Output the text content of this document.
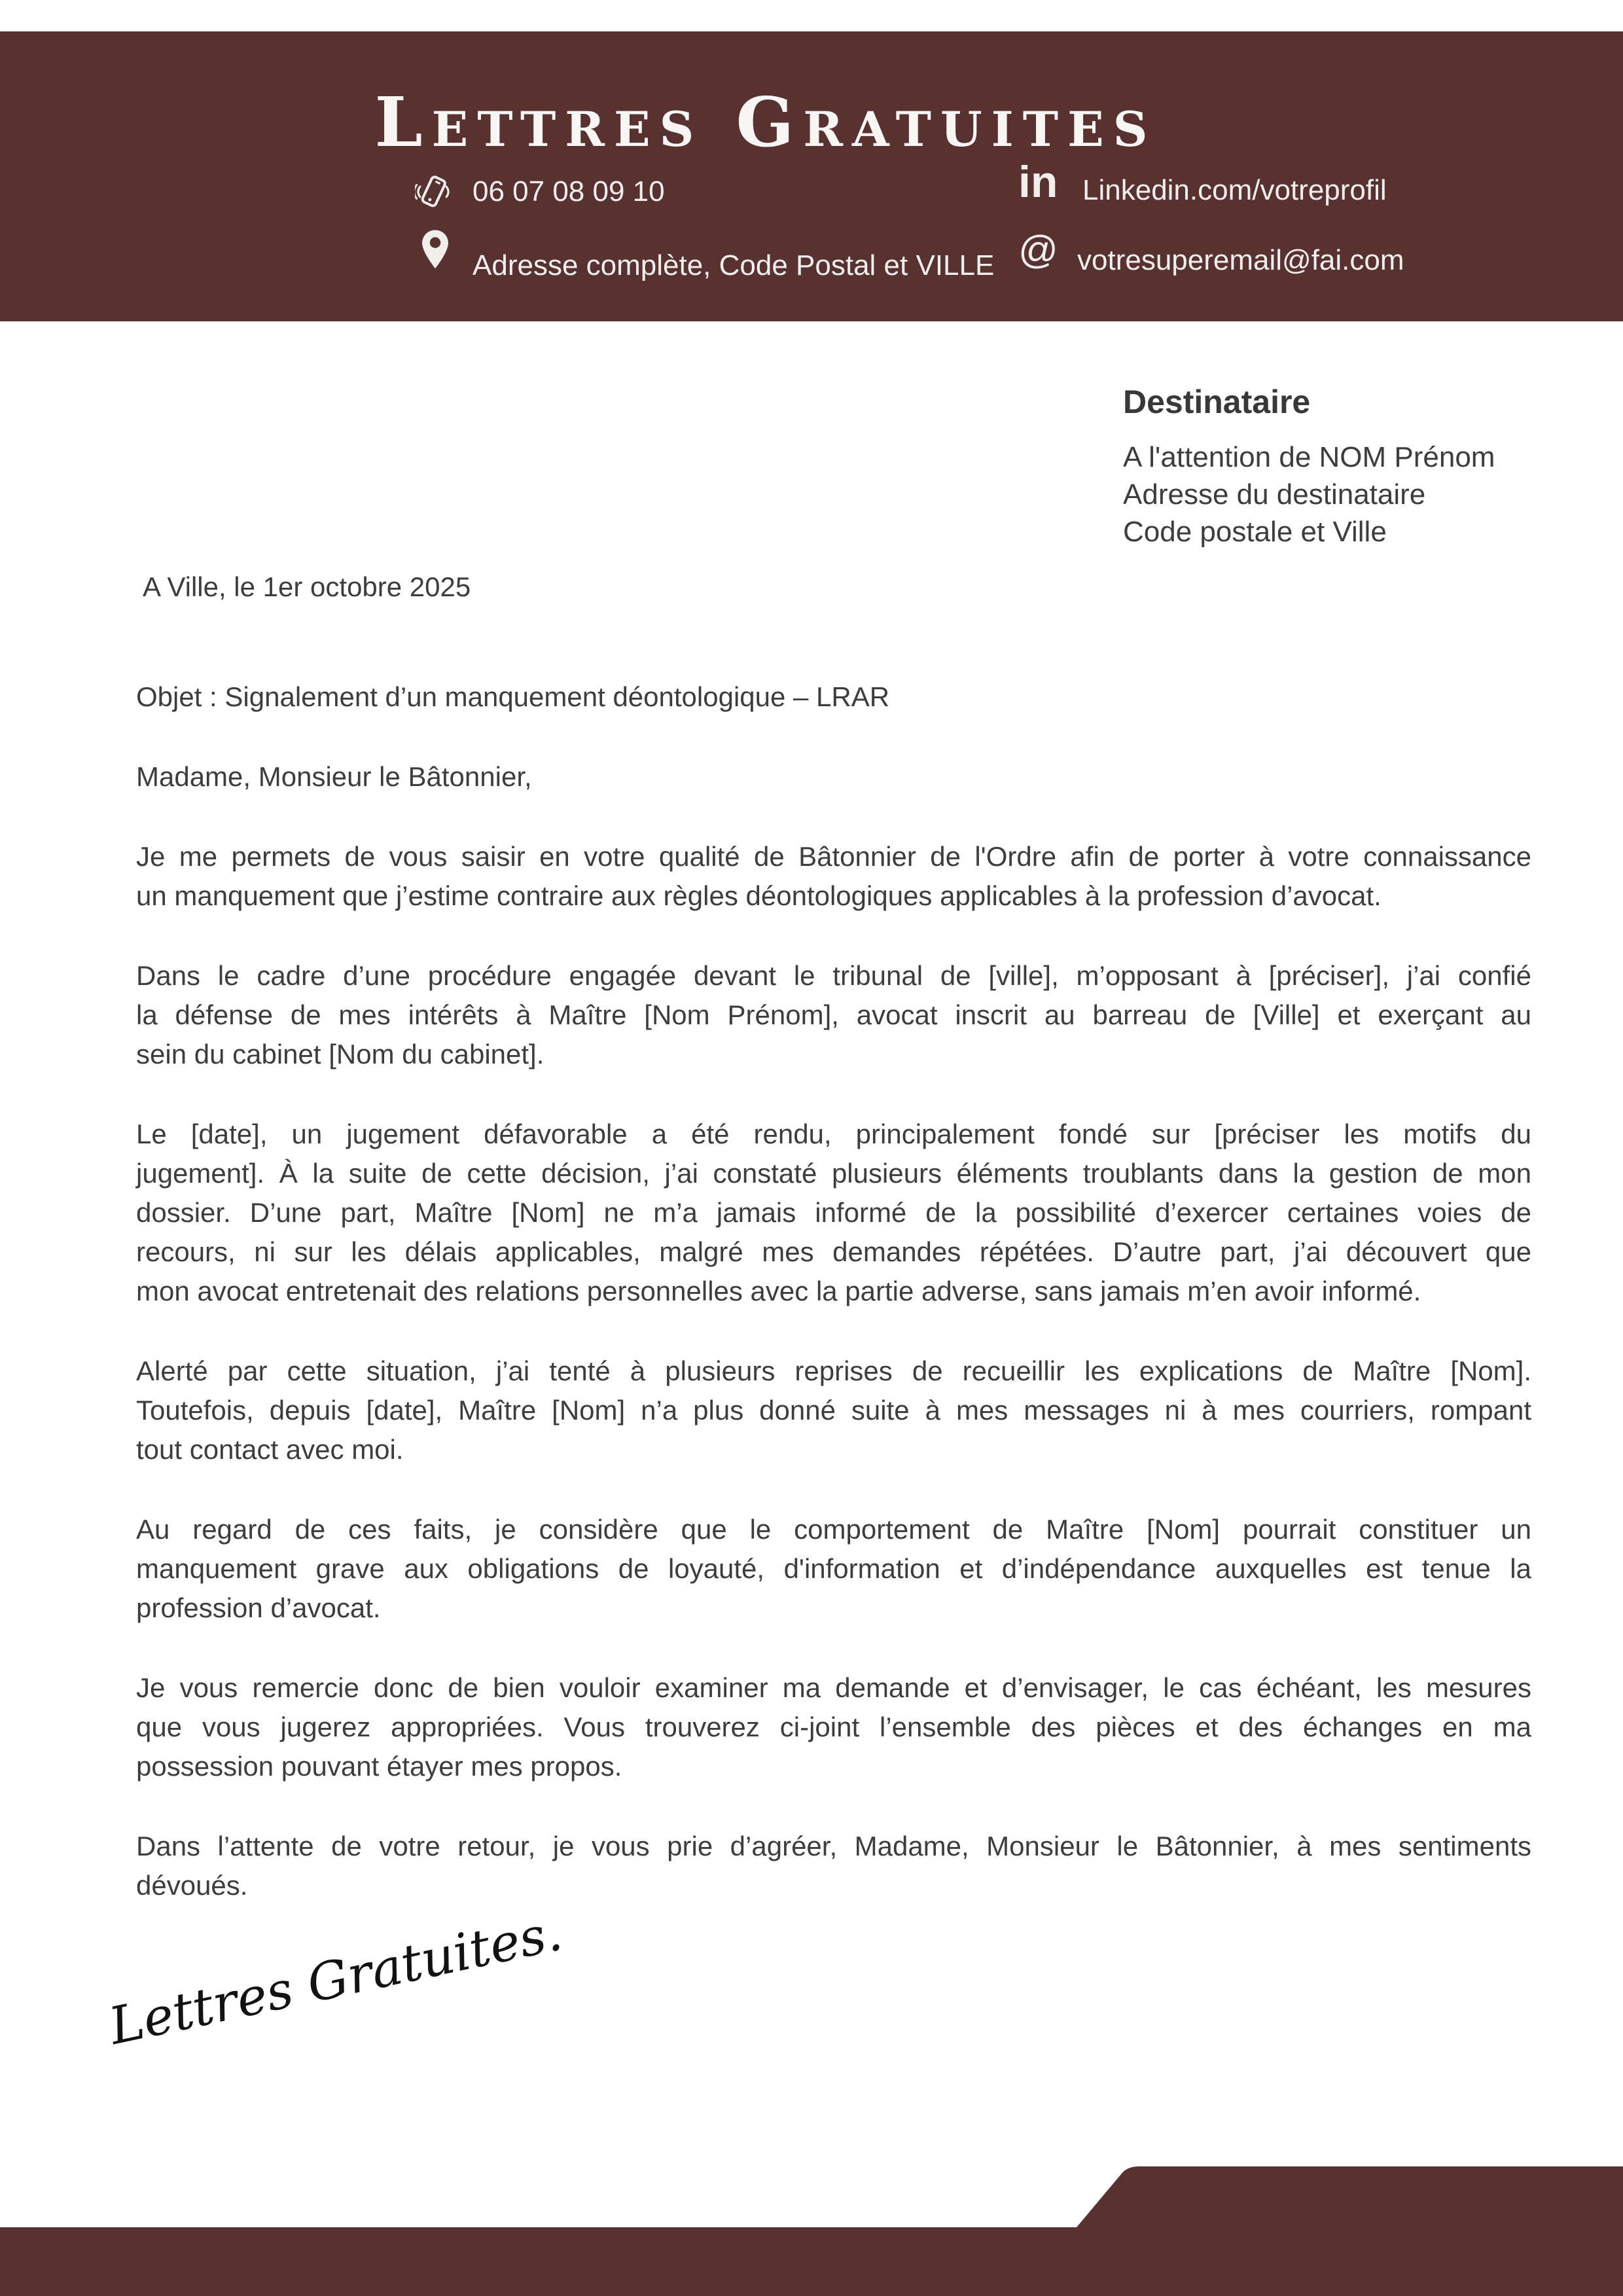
Lettres Gratuites
06 07 08 09 10
Adresse complète, Code Postal et VILLE
in Linkedin.com/votreprofil
@ votresuperemail@fai.com
Destinataire
A l'attention de NOM Prénom
Adresse du destinataire
Code postale et Ville
A Ville, le 1er octobre 2025
Objet : Signalement d’un manquement déontologique – LRAR
Madame, Monsieur le Bâtonnier,
Je me permets de vous saisir en votre qualité de Bâtonnier de l'Ordre afin de porter à votre connaissance
un manquement que j’estime contraire aux règles déontologiques applicables à la profession d’avocat.
Dans le cadre d’une procédure engagée devant le tribunal de [ville], m’opposant à [préciser], j’ai confié
la défense de mes intérêts à Maître [Nom Prénom], avocat inscrit au barreau de [Ville] et exerçant au
sein du cabinet [Nom du cabinet].
Le [date], un jugement défavorable a été rendu, principalement fondé sur [préciser les motifs du
jugement]. À la suite de cette décision, j’ai constaté plusieurs éléments troublants dans la gestion de mon
dossier. D’une part, Maître [Nom] ne m’a jamais informé de la possibilité d’exercer certaines voies de
recours, ni sur les délais applicables, malgré mes demandes répétées. D’autre part, j’ai découvert que
mon avocat entretenait des relations personnelles avec la partie adverse, sans jamais m’en avoir informé.
Alerté par cette situation, j’ai tenté à plusieurs reprises de recueillir les explications de Maître [Nom].
Toutefois, depuis [date], Maître [Nom] n’a plus donné suite à mes messages ni à mes courriers, rompant
tout contact avec moi.
Au regard de ces faits, je considère que le comportement de Maître [Nom] pourrait constituer un
manquement grave aux obligations de loyauté, d'information et d’indépendance auxquelles est tenue la
profession d’avocat.
Je vous remercie donc de bien vouloir examiner ma demande et d’envisager, le cas échéant, les mesures
que vous jugerez appropriées. Vous trouverez ci-joint l’ensemble des pièces et des échanges en ma
possession pouvant étayer mes propos.
Dans l’attente de votre retour, je vous prie d’agréer, Madame, Monsieur le Bâtonnier, à mes sentiments
dévoués.
Lettres Gratuites.
